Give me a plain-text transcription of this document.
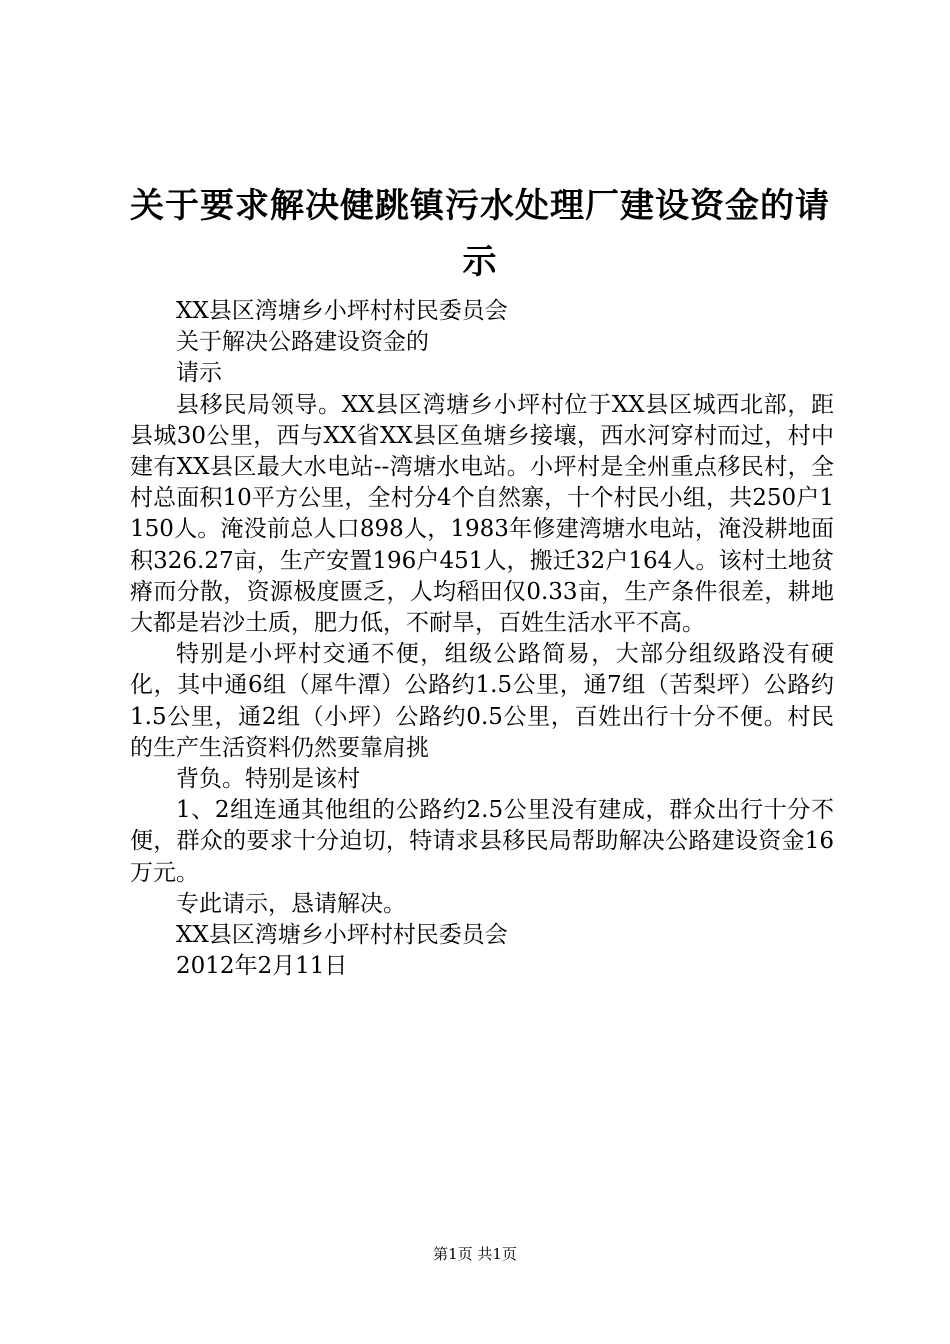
关于要求解决健跳镇污水处理厂建设资金的请示

XX县区湾塘乡小坪村村民委员会

关于解决公路建设资金的

请示

县移民局领导。XX县区湾塘乡小坪村位于XX县区城西北部，距县城30公里，西与XX省XX县区鱼塘乡接壤，西水河穿村而过，村中建有XX县区最大水电站--湾塘水电站。小坪村是全州重点移民村，全村总面积10平方公里，全村分4个自然寨，十个村民小组，共250户1150人。淹没前总人口898人，1983年修建湾塘水电站，淹没耕地面积326.27亩，生产安置196户451人，搬迁32户164人。该村土地贫瘠而分散，资源极度匮乏，人均稻田仅0.33亩，生产条件很差，耕地大都是岩沙土质，肥力低，不耐旱，百姓生活水平不高。

特别是小坪村交通不便，组级公路简易，大部分组级路没有硬化，其中通6组（犀牛潭）公路约1.5公里，通7组（苦梨坪）公路约1.5公里，通2组（小坪）公路约0.5公里，百姓出行十分不便。村民的生产生活资料仍然要靠肩挑

背负。特别是该村

1、2组连通其他组的公路约2.5公里没有建成，群众出行十分不便，群众的要求十分迫切，特请求县移民局帮助解决公路建设资金16万元。

专此请示，恳请解决。

XX县区湾塘乡小坪村村民委员会

2012年2月11日

第1页 共1页
